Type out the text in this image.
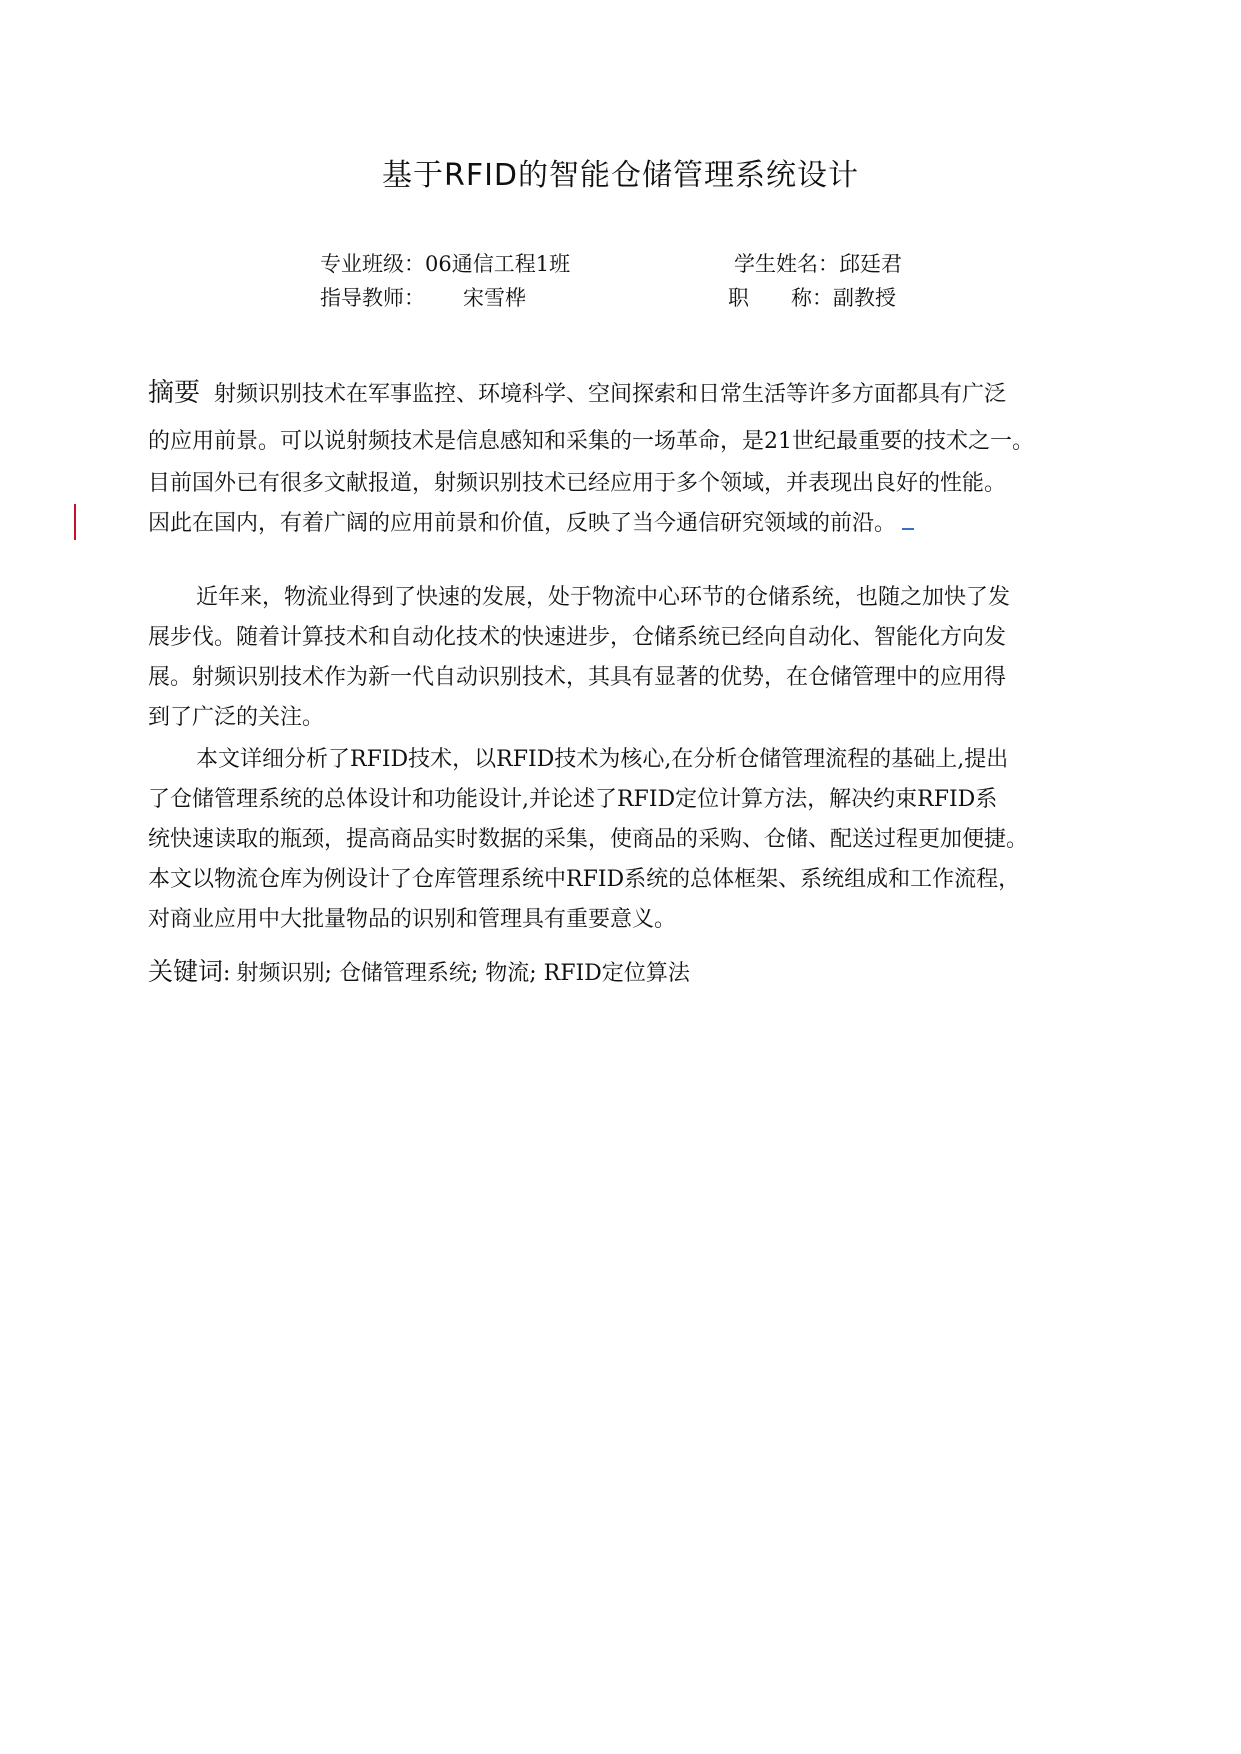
基于RFID的智能仓储管理系统设计
专业班级：06通信工程1班	学生姓名：邱廷君
指导教师： 宋雪桦	职　　称：副教授
摘要 射频识别技术在军事监控、环境科学、空间探索和日常生活等许多方面都具有广泛
的应用前景。可以说射频技术是信息感知和采集的一场革命，是21世纪最重要的技术之一。
目前国外已有很多文献报道，射频识别技术已经应用于多个领域，并表现出良好的性能。
因此在国内，有着广阔的应用前景和价值，反映了当今通信研究领域的前沿。
近年来，物流业得到了快速的发展，处于物流中心环节的仓储系统，也随之加快了发
展步伐。随着计算技术和自动化技术的快速进步，仓储系统已经向自动化、智能化方向发
展。射频识别技术作为新一代自动识别技术，其具有显著的优势，在仓储管理中的应用得
到了广泛的关注。
本文详细分析了RFID技术，以RFID技术为核心,在分析仓储管理流程的基础上,提出
了仓储管理系统的总体设计和功能设计,并论述了RFID定位计算方法，解决约束RFID系
统快速读取的瓶颈，提高商品实时数据的采集，使商品的采购、仓储、配送过程更加便捷。
本文以物流仓库为例设计了仓库管理系统中RFID系统的总体框架、系统组成和工作流程，
对商业应用中大批量物品的识别和管理具有重要意义。
关键词: 射频识别; 仓储管理系统; 物流; RFID定位算法
